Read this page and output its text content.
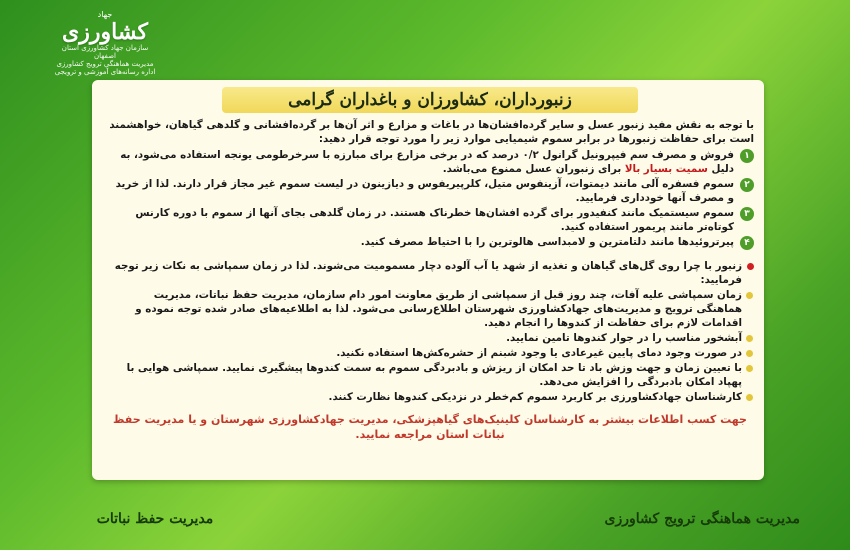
جهاد
کشاورزی
سازمان جهاد کشاورزی استان اصفهان
مدیریت هماهنگی ترویج کشاورزی
اداره رسانه‌های آموزشی و ترویجی
زنبورداران، کشاورزان و باغداران گرامی

با توجه به نقش مفید زنبور عسل و سایر گرده‌افشان‌ها در باغات و مزارع و اثر آن‌ها بر گرده‌افشانی و گلدهی گیاهان، خواهشمند است برای حفاظت زنبورها در برابر سموم شیمیایی موارد زیر را مورد توجه قرار دهید:

۱
فروش و مصرف سم فیپرونیل گرانول ۰/۲ درصد که در برخی مزارع برای مبارزه با سرخرطومی یونجه استفاده می‌شود، به دلیل سمیت بسیار بالا برای زنبوران عسل ممنوع می‌باشد.
۲
سموم فسفره آلی مانند دیمتوات، آزینفوس متیل، کلرپیریفوس و دیازینون در لیست سموم غیر مجاز قرار دارند. لذا از خرید و مصرف آنها خودداری فرمایید.
۳
سموم سیستمیک مانند کنفیدور برای گرده افشان‌ها خطرناک هستند. در زمان گلدهی بجای آنها از سموم با دوره کارنس کوتاه‌تر مانند پریمور استفاده کنید.
۴
پیرتروئیدها مانند دلتامترین و لامبداسی هالوترین را با احتیاط مصرف کنید.
زنبور با چرا روی گل‌های گیاهان و تغذیه از شهد یا آب آلوده دچار مسمومیت می‌شوند. لذا در زمان سمپاشی به نکات زیر توجه فرمایید:
زمان سمپاشی علیه آفات، چند روز قبل از سمپاشی از طریق معاونت امور دام سازمان، مدیریت حفظ نباتات، مدیریت هماهنگی ترویج و مدیریت‌های جهادکشاورزی شهرستان اطلاع‌رسانی می‌شود. لذا به اطلاعیه‌های صادر شده توجه نموده و اقدامات لازم برای حفاظت از کندوها را انجام دهید.
آبشخور مناسب را در جوار کندوها تامین نمایید.
در صورت وجود دمای پایین غیرعادی یا وجود شبنم از حشره‌کش‌ها استفاده نکنید.
با تعیین زمان و جهت وزش باد تا حد امکان از ریزش و بادبردگی سموم به سمت کندوها پیشگیری نمایید. سمپاشی هوایی با پهپاد امکان بادبردگی را افزایش می‌دهد.
کارشناسان جهادکشاورزی بر کاربرد سموم کم‌خطر در نزدیکی کندوها نظارت کنند.
جهت کسب اطلاعات بیشتر به کارشناسان کلینیک‌های گیاهپزشکی، مدیریت جهادکشاورزی شهرستان و یا مدیریت حفظ نباتات استان مراجعه نمایید.
مدیریت هماهنگی ترویج کشاورزی
مدیریت حفظ نباتات
